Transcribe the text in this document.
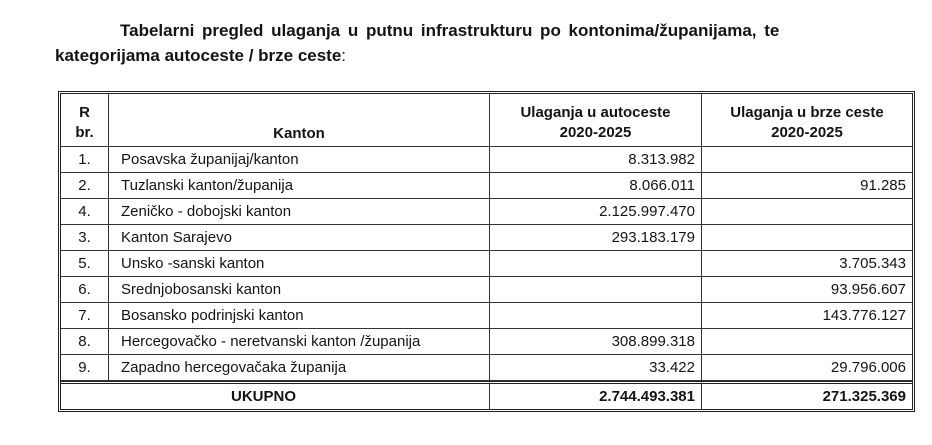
Tabelarni pregled ulaganja u putnu infrastrukturu po kontonima/županijama, te
kategorijama autoceste / brze ceste:
R br.	Kanton	Ulaganja u autoceste 2020-2025	Ulaganja u brze ceste 2020-2025
1.	Posavska županijaj/kanton	8.313.982	
2.	Tuzlanski kanton/županija	8.066.011	91.285
4.	Zeničko - dobojski kanton	2.125.997.470	
3.	Kanton Sarajevo	293.183.179	
5.	Unsko -sanski kanton		3.705.343
6.	Srednjobosanski kanton		93.956.607
7.	Bosansko podrinjski kanton		143.776.127
8.	Hercegovačko - neretvanski kanton /županija	308.899.318	
9.	Zapadno hercegovačaka županija	33.422	29.796.006
UKUPNO		2.744.493.381	271.325.369
